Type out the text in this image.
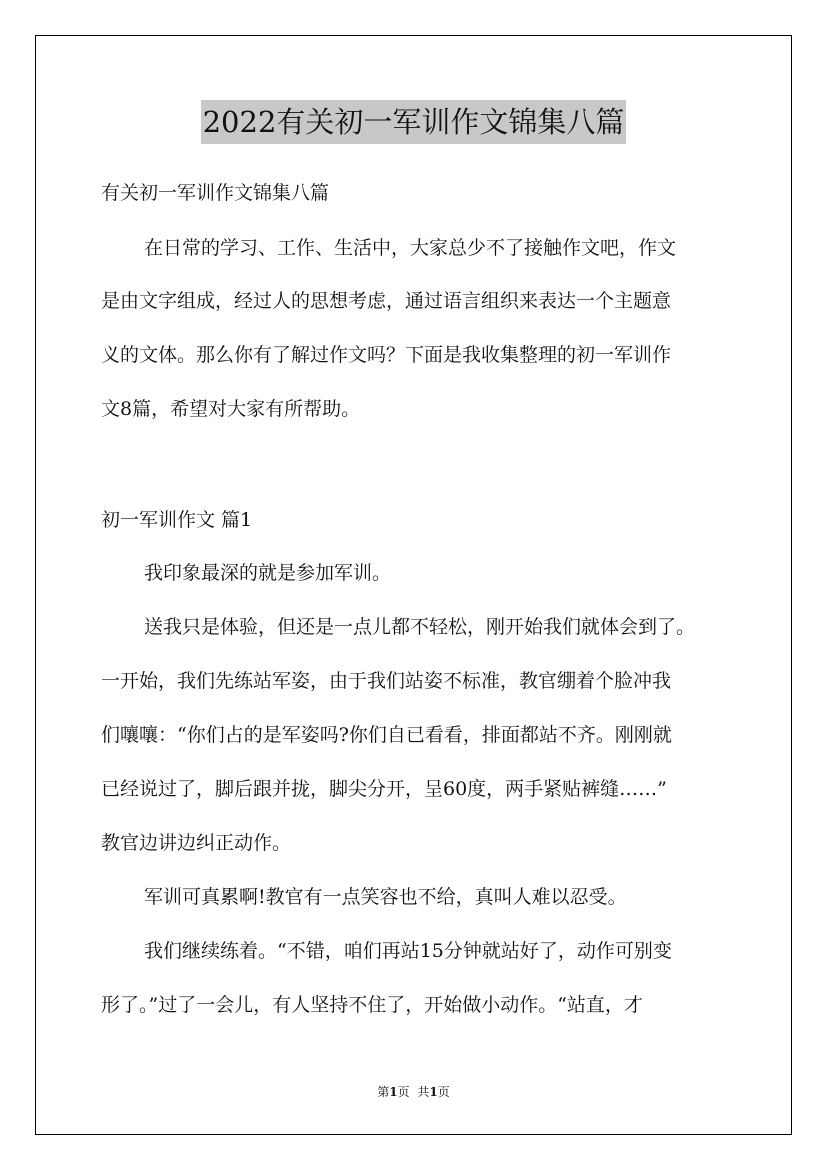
2022有关初一军训作文锦集八篇
有关初一军训作文锦集八篇
在日常的学习、工作、生活中，大家总少不了接触作文吧，作文
是由文字组成，经过人的思想考虑，通过语言组织来表达一个主题意
义的文体。那么你有了解过作文吗？下面是我收集整理的初一军训作
文8篇，希望对大家有所帮助。
初一军训作文 篇1
我印象最深的就是参加军训。
送我只是体验，但还是一点儿都不轻松，刚开始我们就体会到了。
一开始，我们先练站军姿，由于我们站姿不标准，教官绷着个脸冲我
们嚷嚷：“你们占的是军姿吗?你们自已看看，排面都站不齐。刚刚就
已经说过了，脚后跟并拢，脚尖分开，呈60度，两手紧贴裤缝……”
教官边讲边纠正动作。
军训可真累啊!教官有一点笑容也不给，真叫人难以忍受。
我们继续练着。“不错，咱们再站15分钟就站好了，动作可别变
形了。”过了一会儿，有人坚持不住了，开始做小动作。“站直，才
第1页 共1页
